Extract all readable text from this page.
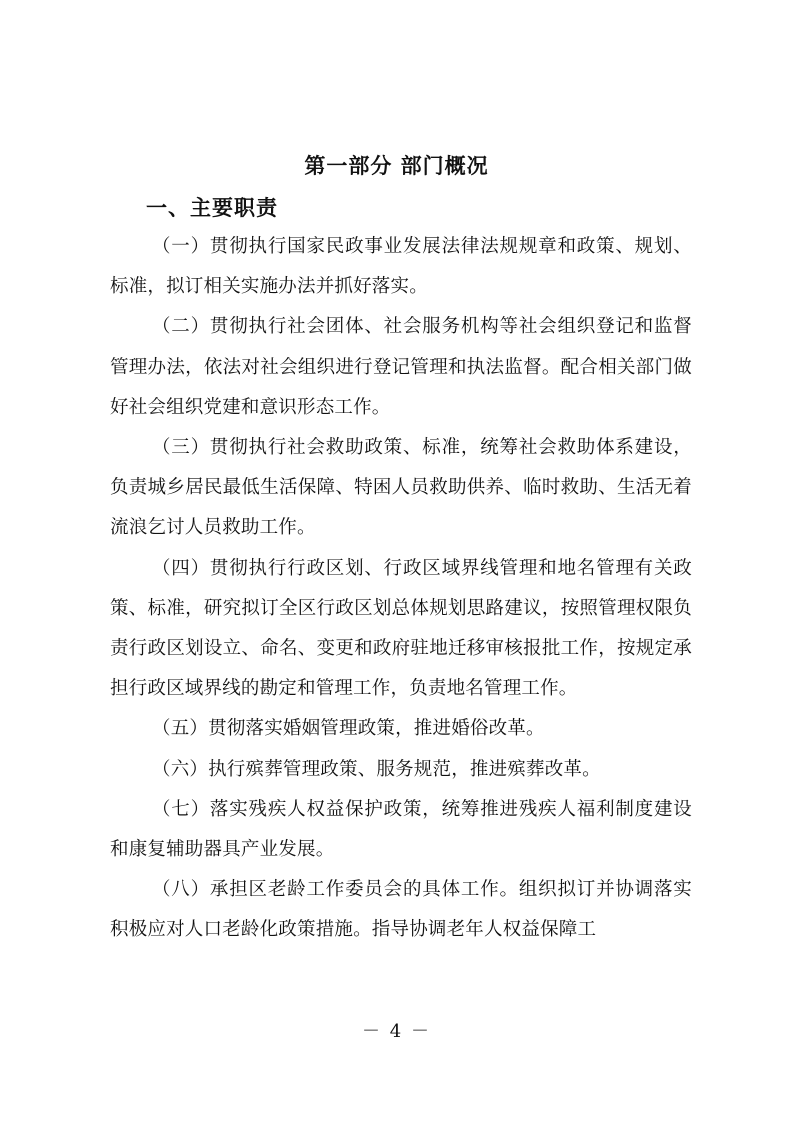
第一部分 部门概况
一、主要职责

（一）贯彻执行国家民政事业发展法律法规规章和政策、规划、标准，拟订相关实施办法并抓好落实。

（二）贯彻执行社会团体、社会服务机构等社会组织登记和监督管理办法，依法对社会组织进行登记管理和执法监督。配合相关部门做好社会组织党建和意识形态工作。

（三）贯彻执行社会救助政策、标准，统筹社会救助体系建设，负责城乡居民最低生活保障、特困人员救助供养、临时救助、生活无着流浪乞讨人员救助工作。

（四）贯彻执行行政区划、行政区域界线管理和地名管理有关政策、标准，研究拟订全区行政区划总体规划思路建议，按照管理权限负责行政区划设立、命名、变更和政府驻地迁移审核报批工作，按规定承担行政区域界线的勘定和管理工作，负责地名管理工作。

（五）贯彻落实婚姻管理政策，推进婚俗改革。

（六）执行殡葬管理政策、服务规范，推进殡葬改革。

（七）落实残疾人权益保护政策，统筹推进残疾人福利制度建设和康复辅助器具产业发展。

（八）承担区老龄工作委员会的具体工作。组织拟订并协调落实积极应对人口老龄化政策措施。指导协调老年人权益保障工

－ 4 －
